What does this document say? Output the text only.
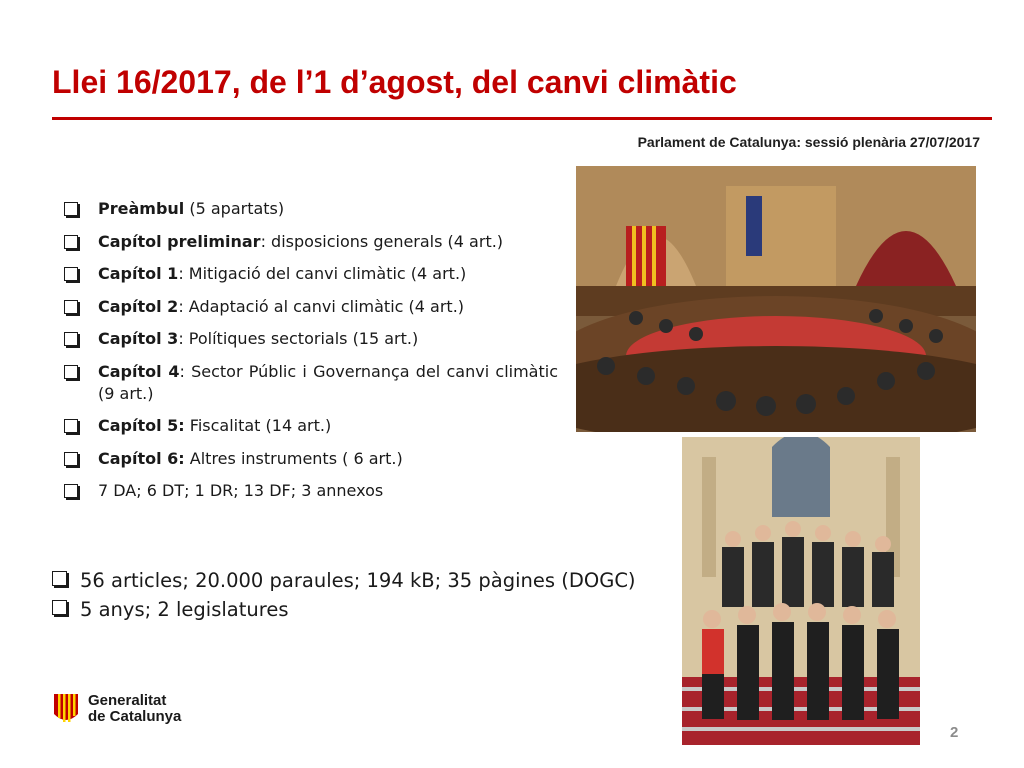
Llei 16/2017, de l’1 d’agost, del canvi climàtic
Parlament de Catalunya: sessió plenària 27/07/2017
Preàmbul (5 apartats)
Capítol preliminar: disposicions generals (4 art.)
Capítol 1: Mitigació del canvi climàtic (4 art.)
Capítol 2: Adaptació al canvi climàtic (4 art.)
Capítol 3: Polítiques sectorials (15 art.)
Capítol 4: Sector Públic i Governança del canvi climàtic (9 art.)
Capítol 5: Fiscalitat (14 art.)
Capítol 6: Altres instruments ( 6 art.)
7 DA; 6 DT; 1 DR; 13 DF; 3 annexos
56 articles; 20.000 paraules; 194 kB; 35 pàgines (DOGC)
5 anys; 2 legislatures
Generalitat
de Catalunya
2
